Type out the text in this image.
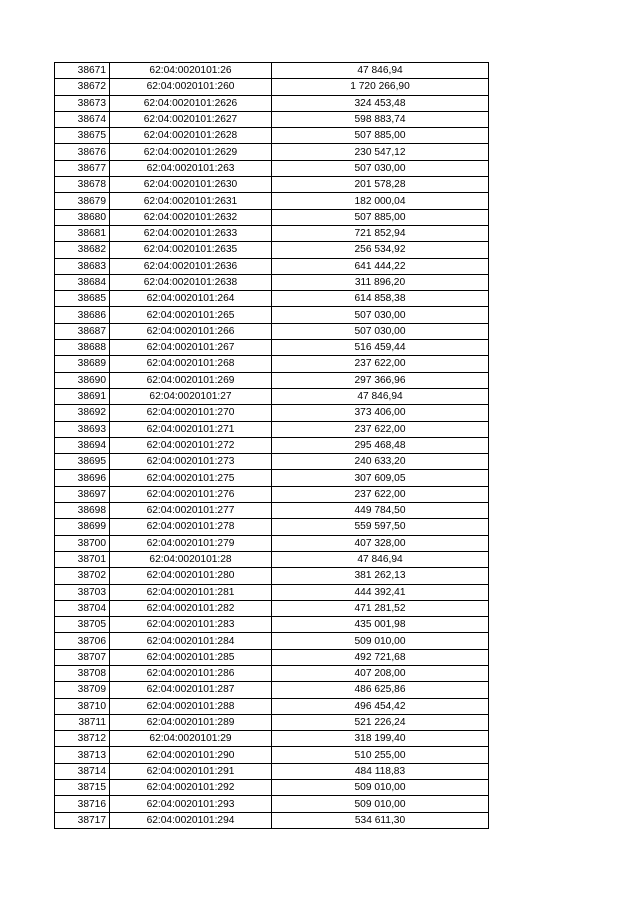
38671	62:04:0020101:26	47 846,94
38672	62:04:0020101:260	1 720 266,90
38673	62:04:0020101:2626	324 453,48
38674	62:04:0020101:2627	598 883,74
38675	62:04:0020101:2628	507 885,00
38676	62:04:0020101:2629	230 547,12
38677	62:04:0020101:263	507 030,00
38678	62:04:0020101:2630	201 578,28
38679	62:04:0020101:2631	182 000,04
38680	62:04:0020101:2632	507 885,00
38681	62:04:0020101:2633	721 852,94
38682	62:04:0020101:2635	256 534,92
38683	62:04:0020101:2636	641 444,22
38684	62:04:0020101:2638	311 896,20
38685	62:04:0020101:264	614 858,38
38686	62:04:0020101:265	507 030,00
38687	62:04:0020101:266	507 030,00
38688	62:04:0020101:267	516 459,44
38689	62:04:0020101:268	237 622,00
38690	62:04:0020101:269	297 366,96
38691	62:04:0020101:27	47 846,94
38692	62:04:0020101:270	373 406,00
38693	62:04:0020101:271	237 622,00
38694	62:04:0020101:272	295 468,48
38695	62:04:0020101:273	240 633,20
38696	62:04:0020101:275	307 609,05
38697	62:04:0020101:276	237 622,00
38698	62:04:0020101:277	449 784,50
38699	62:04:0020101:278	559 597,50
38700	62:04:0020101:279	407 328,00
38701	62:04:0020101:28	47 846,94
38702	62:04:0020101:280	381 262,13
38703	62:04:0020101:281	444 392,41
38704	62:04:0020101:282	471 281,52
38705	62:04:0020101:283	435 001,98
38706	62:04:0020101:284	509 010,00
38707	62:04:0020101:285	492 721,68
38708	62:04:0020101:286	407 208,00
38709	62:04:0020101:287	486 625,86
38710	62:04:0020101:288	496 454,42
38711	62:04:0020101:289	521 226,24
38712	62:04:0020101:29	318 199,40
38713	62:04:0020101:290	510 255,00
38714	62:04:0020101:291	484 118,83
38715	62:04:0020101:292	509 010,00
38716	62:04:0020101:293	509 010,00
38717	62:04:0020101:294	534 611,30
